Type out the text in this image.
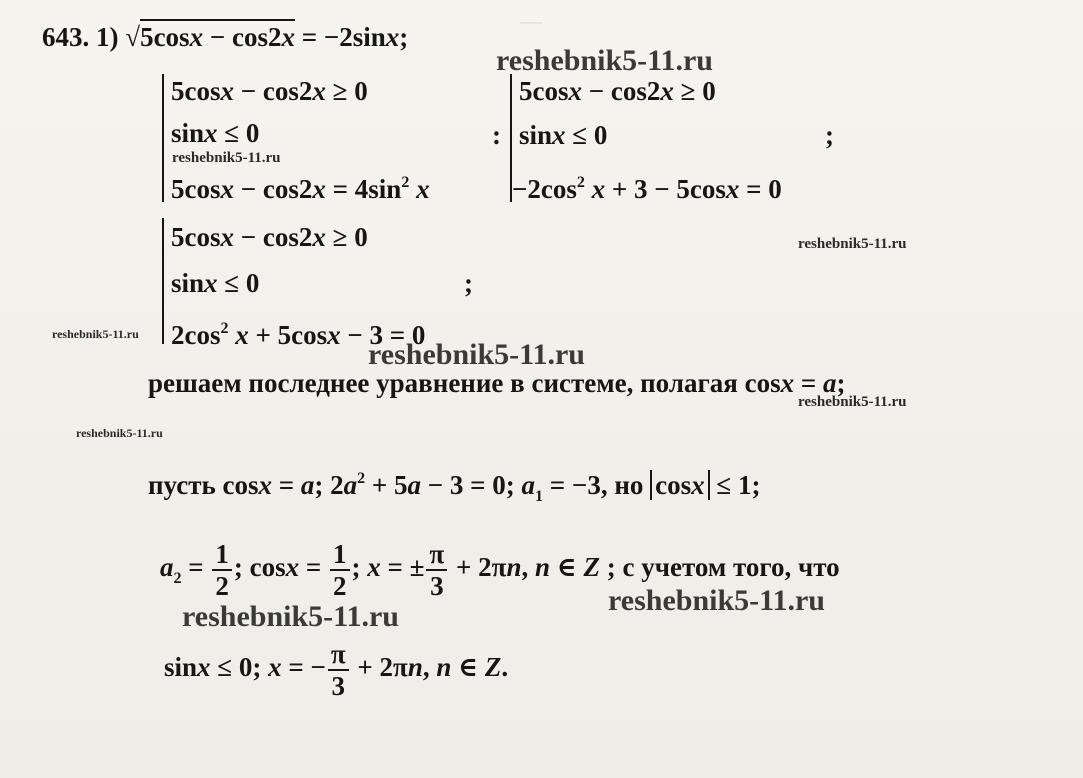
—
643. 1) √5cosx − cos2x = −2sinx;
5cosx − cos2x ≥ 0
sinx ≤ 0
$5\cos x - \cos 2x = 4\sin^2$ x
:
5cosx − cos2x ≥ 0
sinx ≤ 0
$-2\cos^2$ x + 3 − 5cosx = 0
;
5cosx − cos2x ≥ 0
sinx ≤ 0
$2\cos^2$ x + 5cosx − 3 = 0
;
решаем последнее уравнение в системе, полагая cosx = a;
пусть cosx = a; $2a^2 + 5a - 3 = 0$; $a_1 = -3$, но cosx ≤ 1;
$a_2 = \frac{1}{2}$ ; $\cos x = \frac{1}{2}$ ; x = ± $\frac{\pi}{3} + 2\pi n$, n ∈ Z ; с учетом того, что
sinx ≤ 0; x = − $\frac{\pi}{3} + 2\pi n$, n ∈ Z.
reshebnik5-11.ru
reshebnik5-11.ru
reshebnik5-11.ru
reshebnik5-11.ru
reshebnik5-11.ru
reshebnik5-11.ru
reshebnik5-11.ru
reshebnik5-11.ru	reshebnik5-11.ru
